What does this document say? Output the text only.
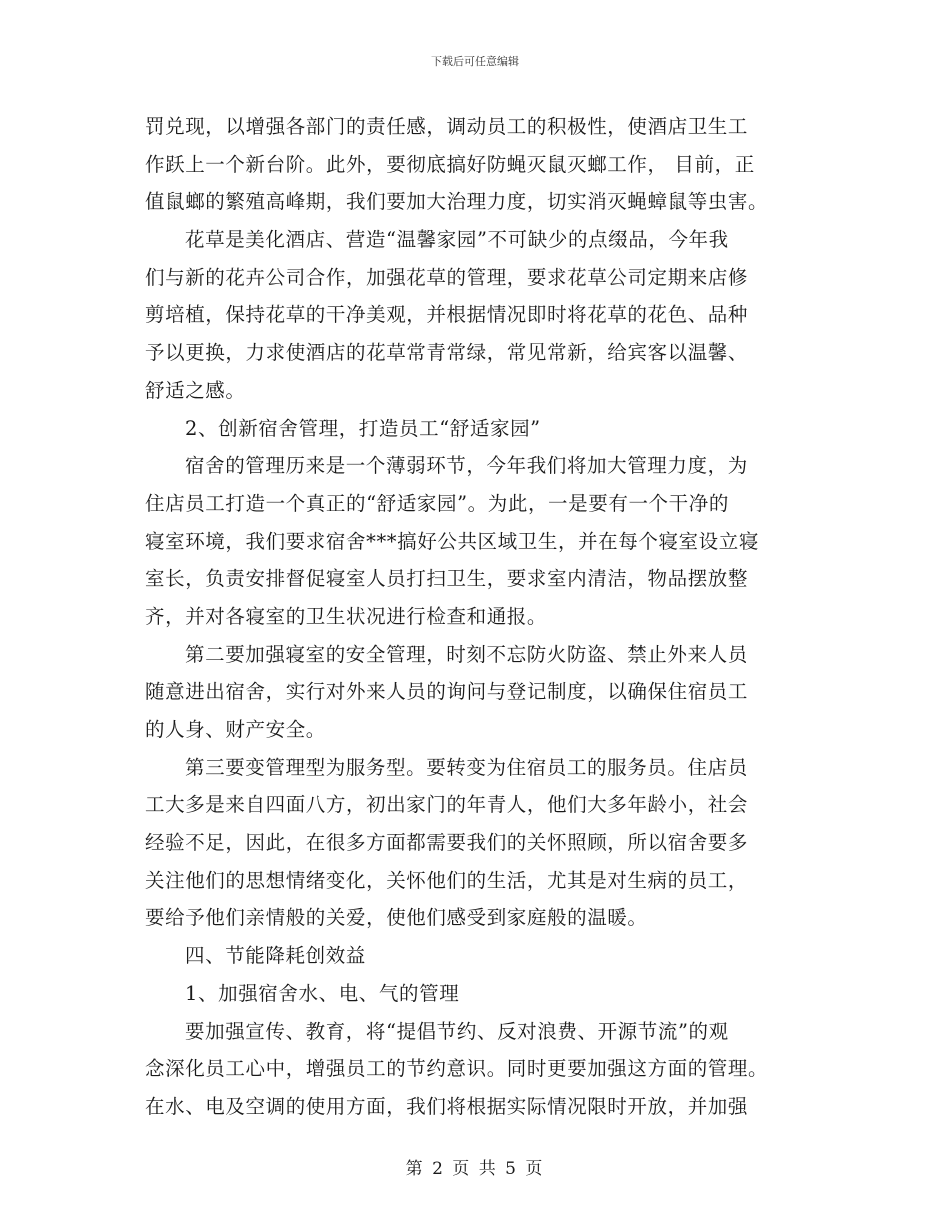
下载后可任意编辑
罚兑现，以增强各部门的责任感，调动员工的积极性，使酒店卫生工
作跃上一个新台阶。此外，要彻底搞好防蝇灭鼠灭螂工作， 目前，正
值鼠螂的繁殖高峰期，我们要加大治理力度，切实消灭蝇蟑鼠等虫害。
花草是美化酒店、营造“温馨家园”不可缺少的点缀品，今年我
们与新的花卉公司合作，加强花草的管理，要求花草公司定期来店修
剪培植，保持花草的干净美观，并根据情况即时将花草的花色、品种
予以更换，力求使酒店的花草常青常绿，常见常新，给宾客以温馨、
舒适之感。
2、创新宿舍管理，打造员工“舒适家园”
宿舍的管理历来是一个薄弱环节，今年我们将加大管理力度，为
住店员工打造一个真正的“舒适家园”。为此，一是要有一个干净的
寝室环境，我们要求宿舍***搞好公共区域卫生，并在每个寝室设立寝
室长，负责安排督促寝室人员打扫卫生，要求室内清洁，物品摆放整
齐，并对各寝室的卫生状况进行检查和通报。
第二要加强寝室的安全管理，时刻不忘防火防盗、禁止外来人员
随意进出宿舍，实行对外来人员的询问与登记制度，以确保住宿员工
的人身、财产安全。
第三要变管理型为服务型。要转变为住宿员工的服务员。住店员
工大多是来自四面八方，初出家门的年青人，他们大多年龄小，社会
经验不足，因此，在很多方面都需要我们的关怀照顾，所以宿舍要多
关注他们的思想情绪变化，关怀他们的生活，尤其是对生病的员工，
要给予他们亲情般的关爱，使他们感受到家庭般的温暖。
四、节能降耗创效益
1、加强宿舍水、电、气的管理
要加强宣传、教育，将“提倡节约、反对浪费、开源节流”的观
念深化员工心中，增强员工的节约意识。同时更要加强这方面的管理。
在水、电及空调的使用方面，我们将根据实际情况限时开放，并加强
第 2 页 共 5 页
